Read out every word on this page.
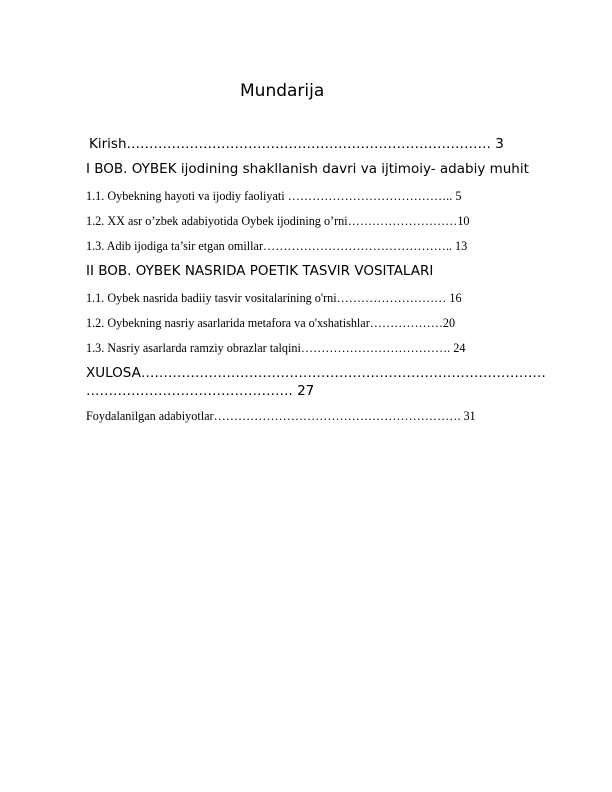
Mundarija
Kirish……………………………………………………………………… 3
I BOB. OYBEK ijodining shakllanish davri va ijtimoiy- adabiy muhit
1.1. Oybekning hayoti va ijodiy faoliyati ………………………………….. 5
1.2. XX asr o’zbek adabiyotida Oybek ijodining o’rni………………………10
1.3. Adib ijodiga ta’sir etgan omillar……………………………………….. 13
II BOB. OYBEK NASRIDA POETIK TASVIR VOSITALARI
1.1. Oybek nasrida badiiy tasvir vositalarining o'rni……………………… 16
1.2. Oybekning nasriy asarlarida metafora va o'xshatishlar………………20
1.3. Nasriy asarlarda ramziy obrazlar talqini………………………………. 24
XULOSA………………………………………………………………………………
………………………………………. 27
Foydalanilgan adabiyotlar……………………………………………………. 31
